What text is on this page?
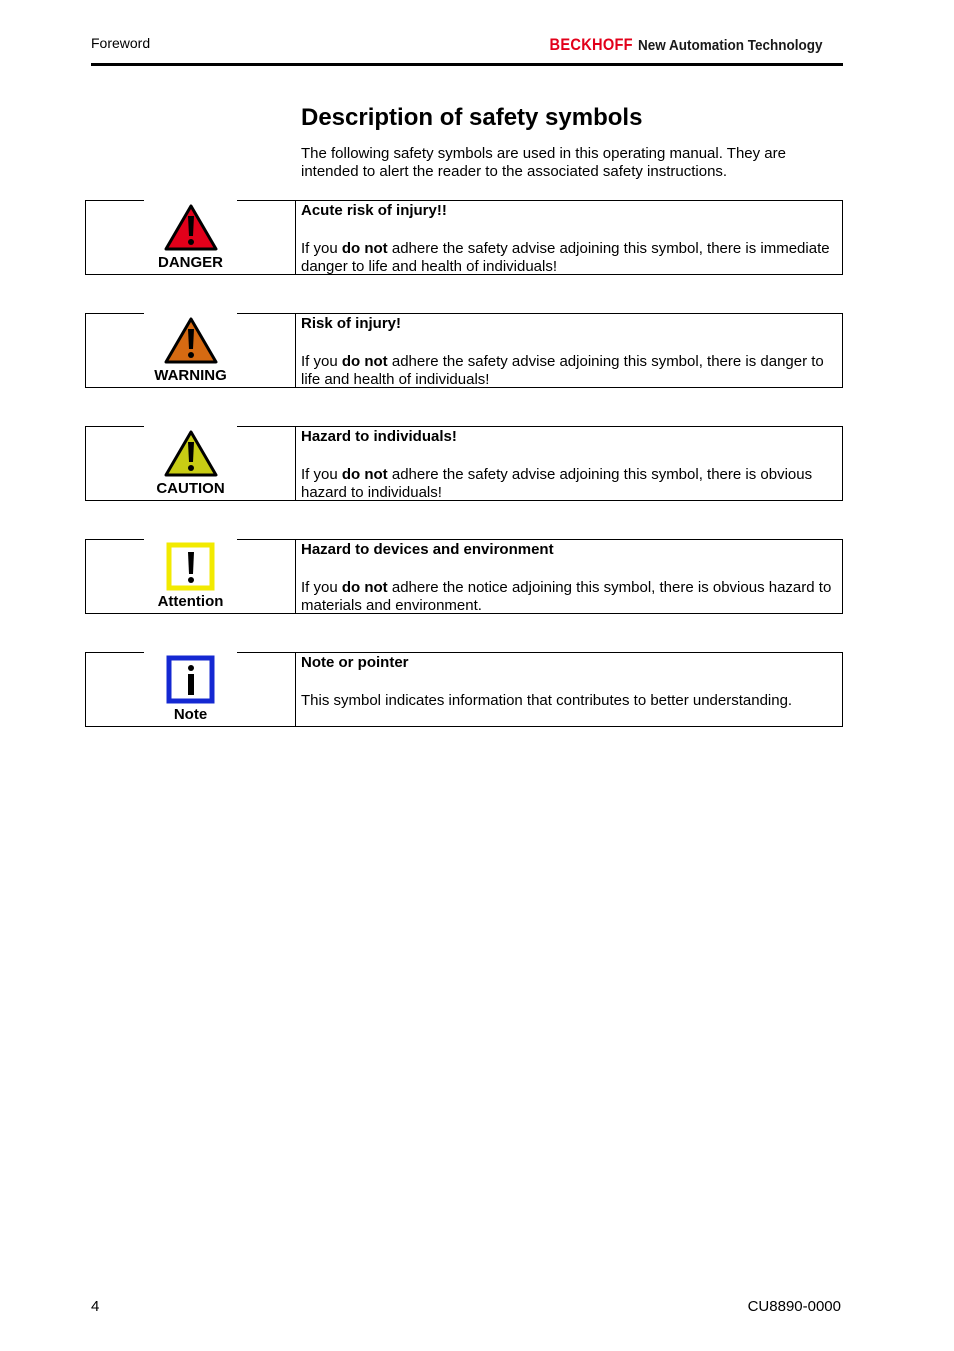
Foreword	BECKHOFF New Automation Technology
Description of safety symbols

The following safety symbols are used in this operating manual. They are intended to alert the reader to the associated safety instructions.

DANGER

Acute risk of injury!!

If you do not adhere the safety advise adjoining this symbol, there is immediate danger to life and health of individuals!

WARNING

Risk of injury!

If you do not adhere the safety advise adjoining this symbol, there is danger to life and health of individuals!

CAUTION

Hazard to individuals!

If you do not adhere the safety advise adjoining this symbol, there is obvious hazard to individuals!

Attention

Hazard to devices and environment

If you do not adhere the notice adjoining this symbol, there is obvious hazard to materials and environment.

Note

Note or pointer

This symbol indicates information that contributes to better understanding.

4	CU8890-0000
